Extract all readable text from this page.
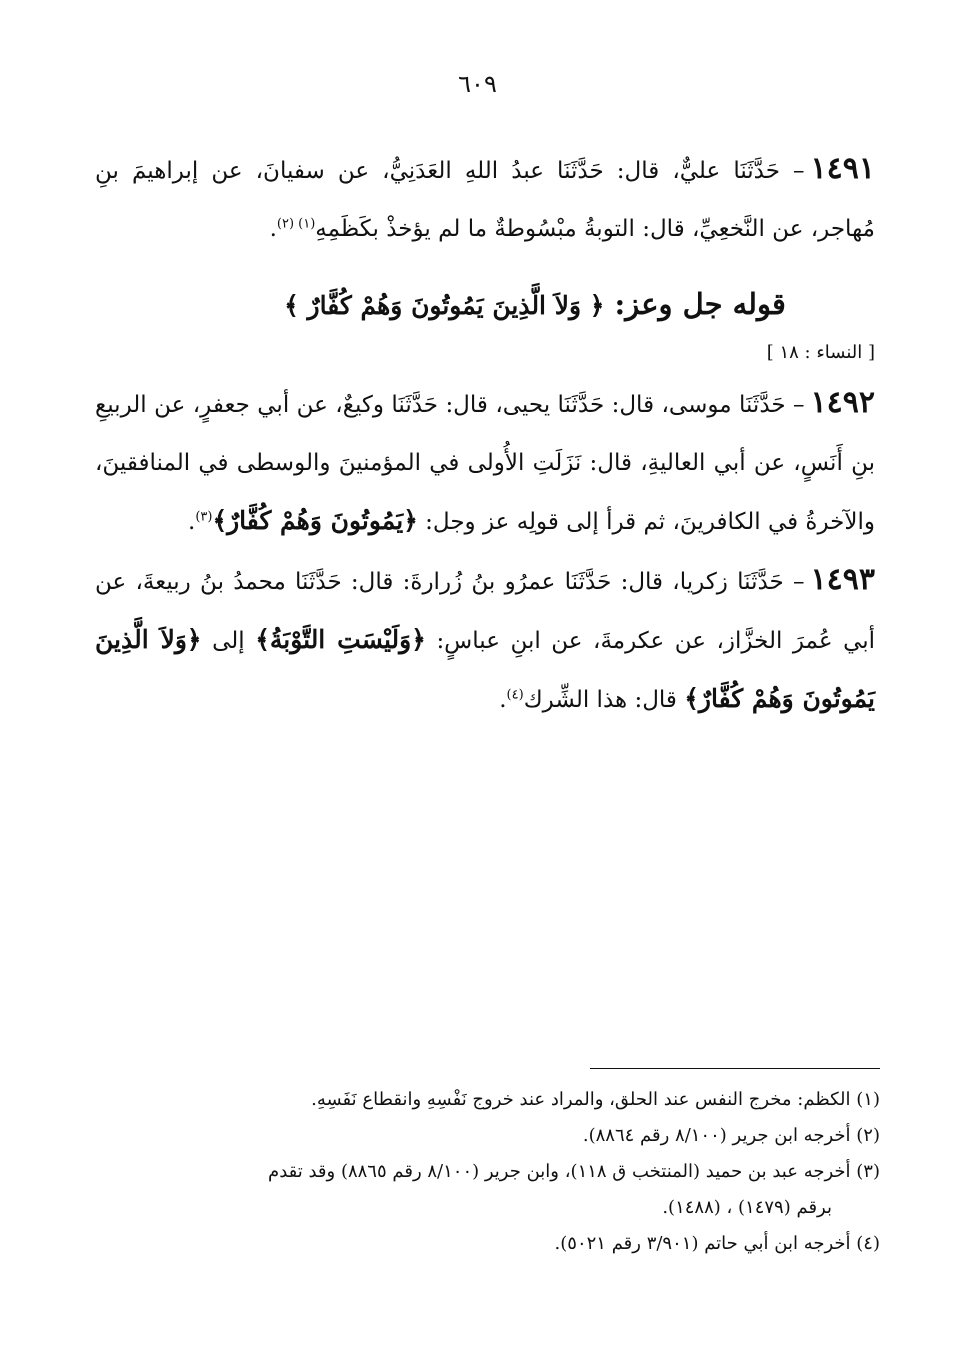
٦٠٩

١٤٩١– حَدَّثَنَا عليٌّ، قال: حَدَّثَنَا عبدُ اللهِ العَدَنِيُّ، عن سفيانَ، عن إبراهيمَ بنِ مُهاجر، عن النَّخعِيِّ، قال: التوبةُ مبْسُوطةٌ ما لم يؤخذْ بكَظَمِهِ$^{(١) (٢)}$.

قوله جل وعز: ﴿ وَلاَ الَّذِينَ يَمُوتُونَ وَهُمْ كُفَّارٌ ﴾

[ النساء : ١٨ ]

١٤٩٢– حَدَّثَنَا موسى، قال: حَدَّثَنَا يحيى، قال: حَدَّثَنَا وكيعٌ، عن أبي جعفرٍ، عن الربيعِ بنِ أَنَسٍ، عن أبي العاليةِ، قال: نَزَلَتِ الأُولى في المؤمنينَ والوسطى في المنافقينَ، والآخرةُ في الكافرينَ، ثم قرأ إلى قولِه عز وجل: ﴿يَمُوتُونَ وَهُمْ كُفَّارٌ﴾$^{(٣)}$.

١٤٩٣– حَدَّثَنَا زكريا، قال: حَدَّثَنَا عمرُو بنُ زُرارةَ: قال: حَدَّثَنَا محمدُ بنُ ربيعةَ، عن أبي عُمرَ الخزَّاز، عن عكرمةَ، عن ابنِ عباسٍ: ﴿وَلَيْسَتِ التَّوْبَةُ﴾ إلى ﴿وَلاَ الَّذِينَ يَمُوتُونَ وَهُمْ كُفَّارٌ﴾ قال: هذا الشِّرك$^{(٤)}$.

(١) الكظم: مخرج النفس عند الحلق، والمراد عند خروج نَفْسِهِ وانقطاع نَفَسِهِ.

(٢) أخرجه ابن جرير (٨/١٠٠ رقم ٨٨٦٤).

(٣) أخرجه عبد بن حميد (المنتخب ق ١١٨)، وابن جرير (٨/١٠٠ رقم ٨٨٦٥) وقد تقدم

برقم (١٤٧٩) ، (١٤٨٨).

(٤) أخرجه ابن أبي حاتم (٣/٩٠١ رقم ٥٠٢١).
